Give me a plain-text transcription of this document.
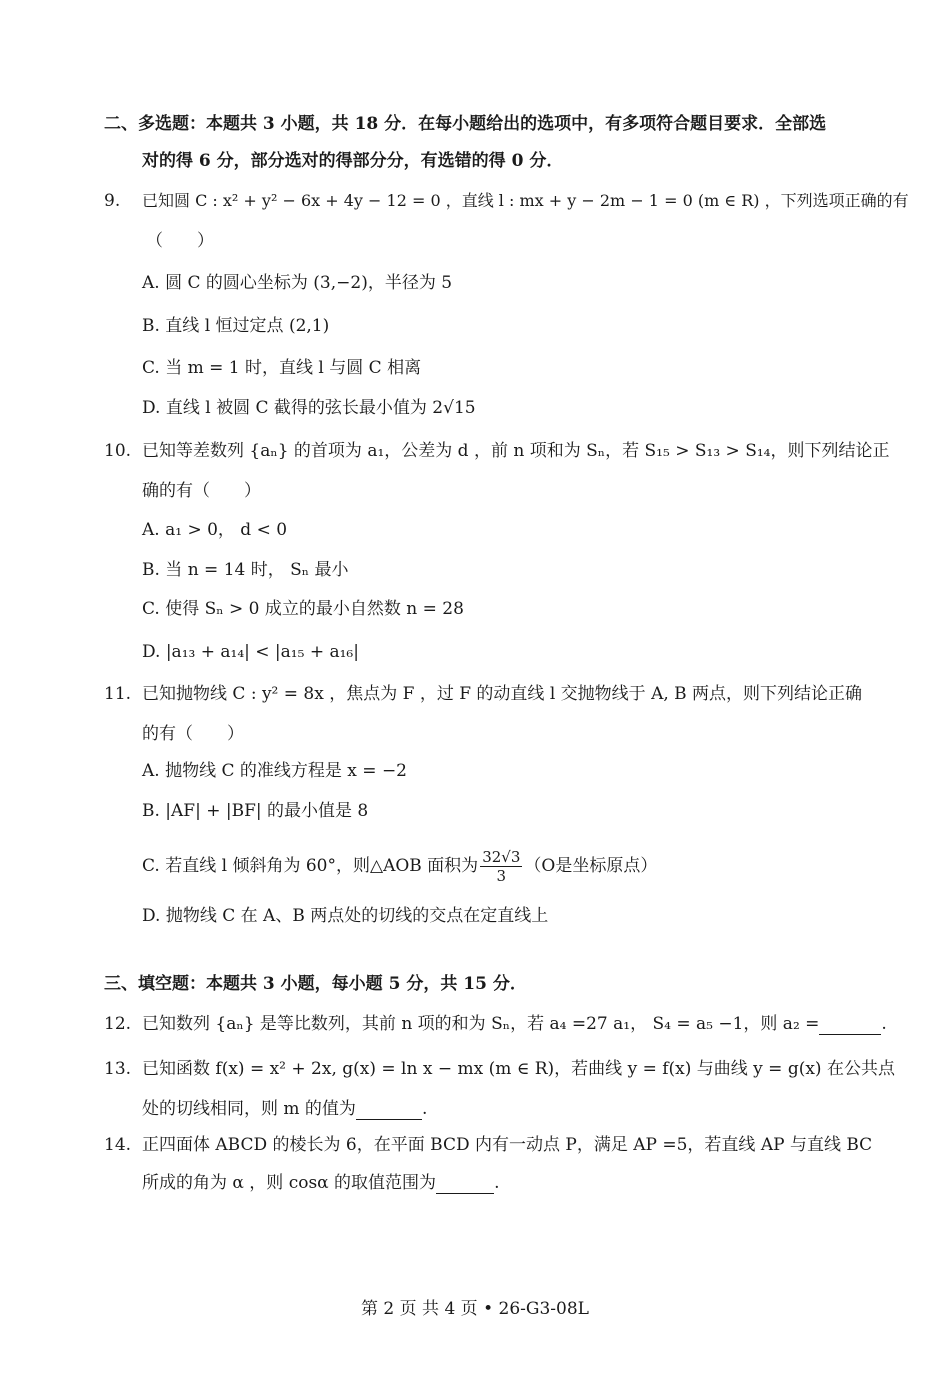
二、多选题：本题共 3 小题，共 18 分．在每小题给出的选项中，有多项符合题目要求．全部选
对的得 6 分，部分选对的得部分分，有选错的得 0 分．
9. 已知圆 C : x² + y² − 6x + 4y − 12 = 0 ，直线 l : mx + y − 2m − 1 = 0 (m ∈ R) ，下列选项正确的有
（　　）
A. 圆 C 的圆心坐标为 (3,−2)，半径为 5
B. 直线 l 恒过定点 (2,1)
C. 当 m = 1 时，直线 l 与圆 C 相离
D. 直线 l 被圆 C 截得的弦长最小值为 2√15
10. 已知等差数列 {aₙ} 的首项为 a₁，公差为 d ，前 n 项和为 Sₙ，若 S₁₅ > S₁₃ > S₁₄，则下列结论正
确的有（　　）
A. a₁ > 0， d < 0
B. 当 n = 14 时， Sₙ 最小
C. 使得 Sₙ > 0 成立的最小自然数 n = 28
D. |a₁₃ + a₁₄| < |a₁₅ + a₁₆|
11. 已知抛物线 C : y² = 8x ，焦点为 F ，过 F 的动直线 l 交抛物线于 A, B 两点，则下列结论正确
的有（　　）
A. 抛物线 C 的准线方程是 x = −2
B. |AF| + |BF| 的最小值是 8
C. 若直线 l 倾斜角为 60°，则△AOB 面积为 $\frac{32√3}{3} (O$是坐标原点）
D. 抛物线 C 在 A、B 两点处的切线的交点在定直线上
三、填空题：本题共 3 小题，每小题 5 分，共 15 分．
12. 已知数列 {aₙ} 是等比数列，其前 n 项的和为 Sₙ，若 a₄ =27 a₁， S₄ = a₅ −1，则 a₂ =	.
13. 已知函数 f(x) = x² + 2x, g(x) = ln x − mx (m ∈ R)，若曲线 y = f(x) 与曲线 y = g(x) 在公共点
处的切线相同，则 m 的值为	.
14. 正四面体 ABCD 的棱长为 6，在平面 BCD 内有一动点 P，满足 AP =5，若直线 AP 与直线 BC
所成的角为 α ，则 cosα 的取值范围为	.
第 2 页 共 4 页 • 26-G3-08L
